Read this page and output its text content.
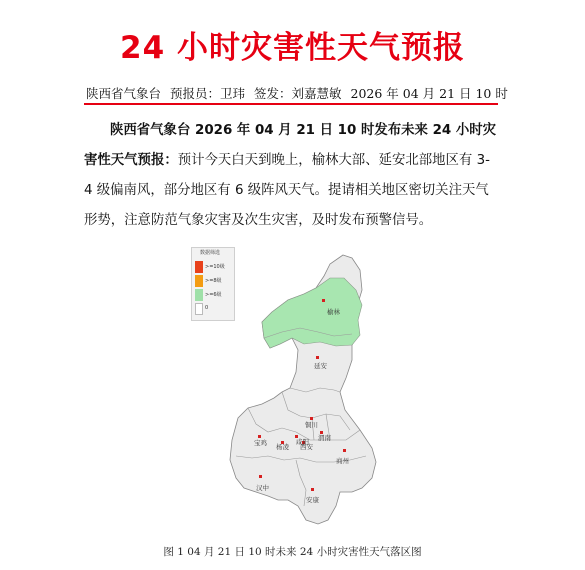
24 小时灾害性天气预报
陕西省气象台 预报员：卫玮 签发：刘嘉慧敏 2026 年 04 月 21 日 10 时

陕西省气象台 2026 年 04 月 21 日 10 时发布未来 24 小时灾害性天气预报：预计今天白天到晚上，榆林大部、延安北部地区有 3-4 级偏南风，部分地区有 6 级阵风天气。提请相关地区密切关注天气形势，注意防范气象灾害及次生灾害，及时发布预警信号。

数据筛选
>=10级
>=8级
>=6级
0	榆林
延安
铜川
咸阳 渭南
宝鸡 杨凌 西安
商州
汉中
安康
图 1 04 月 21 日 10 时未来 24 小时灾害性天气落区图
